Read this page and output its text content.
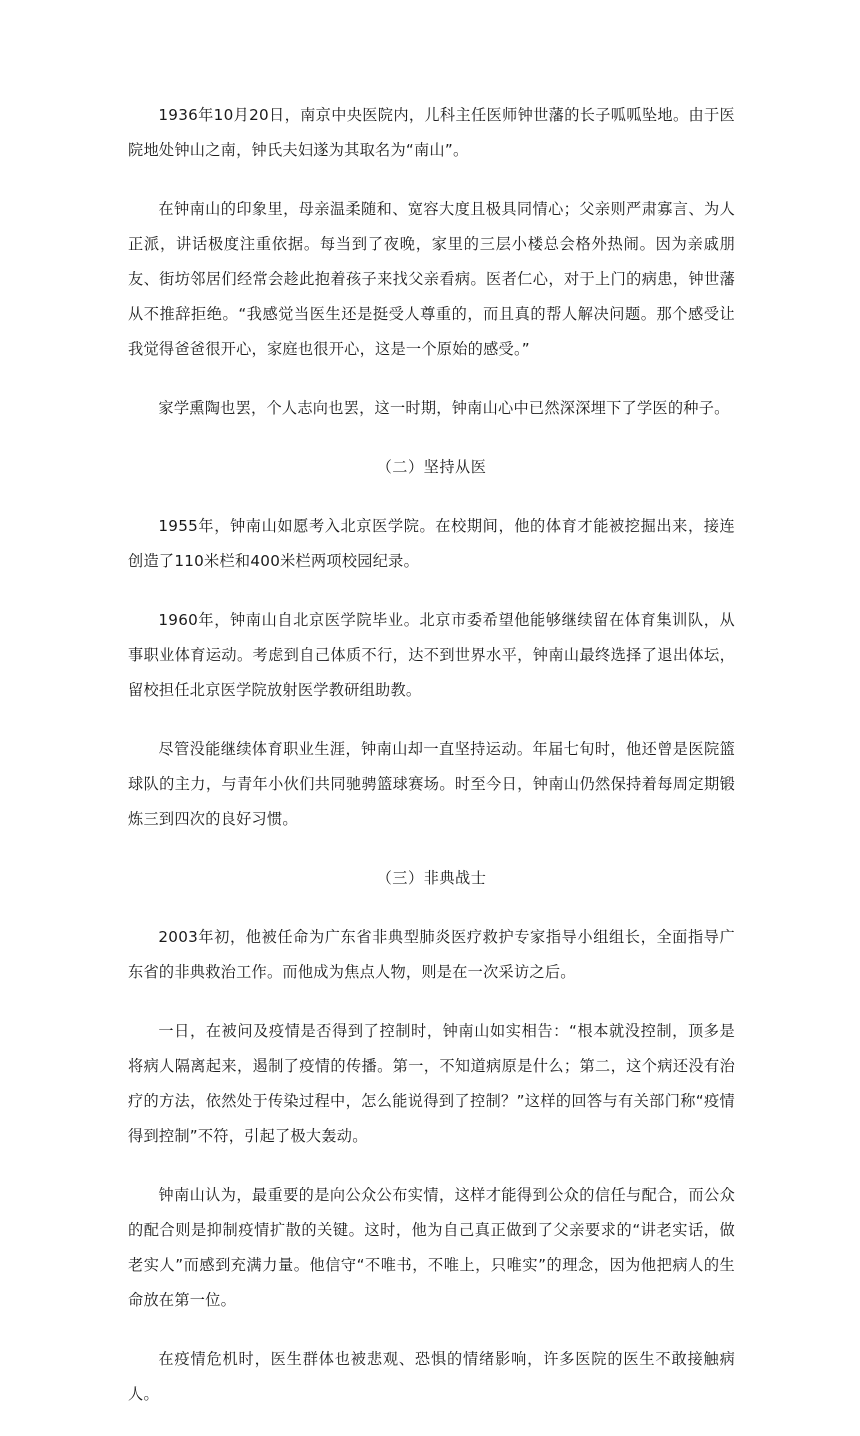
1936年10月20日，南京中央医院内，儿科主任医师钟世藩的长子呱呱坠地。由于医院地处钟山之南，钟氏夫妇遂为其取名为“南山”。

在钟南山的印象里，母亲温柔随和、宽容大度且极具同情心；父亲则严肃寡言、为人正派，讲话极度注重依据。每当到了夜晚，家里的三层小楼总会格外热闹。因为亲戚朋友、街坊邻居们经常会趁此抱着孩子来找父亲看病。医者仁心，对于上门的病患，钟世藩从不推辞拒绝。“我感觉当医生还是挺受人尊重的，而且真的帮人解决问题。那个感受让我觉得爸爸很开心，家庭也很开心，这是一个原始的感受。”

家学熏陶也罢，个人志向也罢，这一时期，钟南山心中已然深深埋下了学医的种子。

（二）坚持从医

1955年，钟南山如愿考入北京医学院。在校期间，他的体育才能被挖掘出来，接连创造了110米栏和400米栏两项校园纪录。

1960年，钟南山自北京医学院毕业。北京市委希望他能够继续留在体育集训队，从事职业体育运动。考虑到自己体质不行，达不到世界水平，钟南山最终选择了退出体坛，留校担任北京医学院放射医学教研组助教。

尽管没能继续体育职业生涯，钟南山却一直坚持运动。年届七旬时，他还曾是医院篮球队的主力，与青年小伙们共同驰骋篮球赛场。时至今日，钟南山仍然保持着每周定期锻炼三到四次的良好习惯。

（三）非典战士

2003年初，他被任命为广东省非典型肺炎医疗救护专家指导小组组长，全面指导广东省的非典救治工作。而他成为焦点人物，则是在一次采访之后。

一日，在被问及疫情是否得到了控制时，钟南山如实相告：“根本就没控制，顶多是将病人隔离起来，遏制了疫情的传播。第一，不知道病原是什么；第二，这个病还没有治疗的方法，依然处于传染过程中，怎么能说得到了控制？”这样的回答与有关部门称“疫情得到控制”不符，引起了极大轰动。

钟南山认为，最重要的是向公众公布实情，这样才能得到公众的信任与配合，而公众的配合则是抑制疫情扩散的关键。这时，他为自己真正做到了父亲要求的“讲老实话，做老实人”而感到充满力量。他信守“不唯书，不唯上，只唯实”的理念，因为他把病人的生命放在第一位。

在疫情危机时，医生群体也被悲观、恐惧的情绪影响，许多医院的医生不敢接触病人。
